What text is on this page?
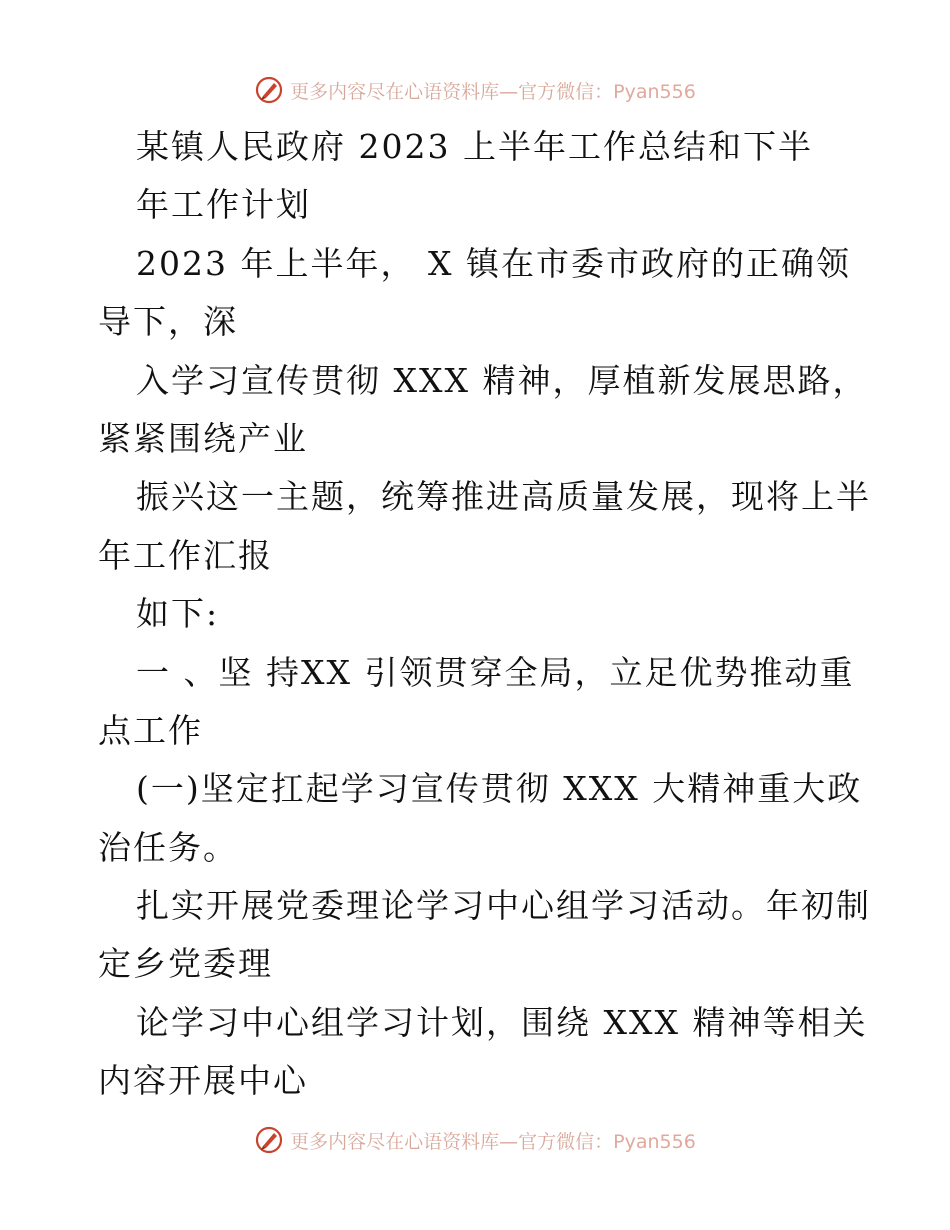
更多内容尽在心语资料库—官方微信：Pyan556
某镇人民政府 2023 上半年工作总结和下半
年工作计划
2023 年上半年， X 镇在市委市政府的正确领
导下，深
入学习宣传贯彻 XXX 精神，厚植新发展思路，
紧紧围绕产业
振兴这一主题，统筹推进高质量发展，现将上半
年工作汇报
如下:
一 、坚 持XX 引领贯穿全局，立足优势推动重
点工作
(一)坚定扛起学习宣传贯彻 XXX 大精神重大政
治任务。
扎实开展党委理论学习中心组学习活动。年初制
定乡党委理
论学习中心组学习计划，围绕 XXX 精神等相关
内容开展中心
更多内容尽在心语资料库—官方微信：Pyan556
